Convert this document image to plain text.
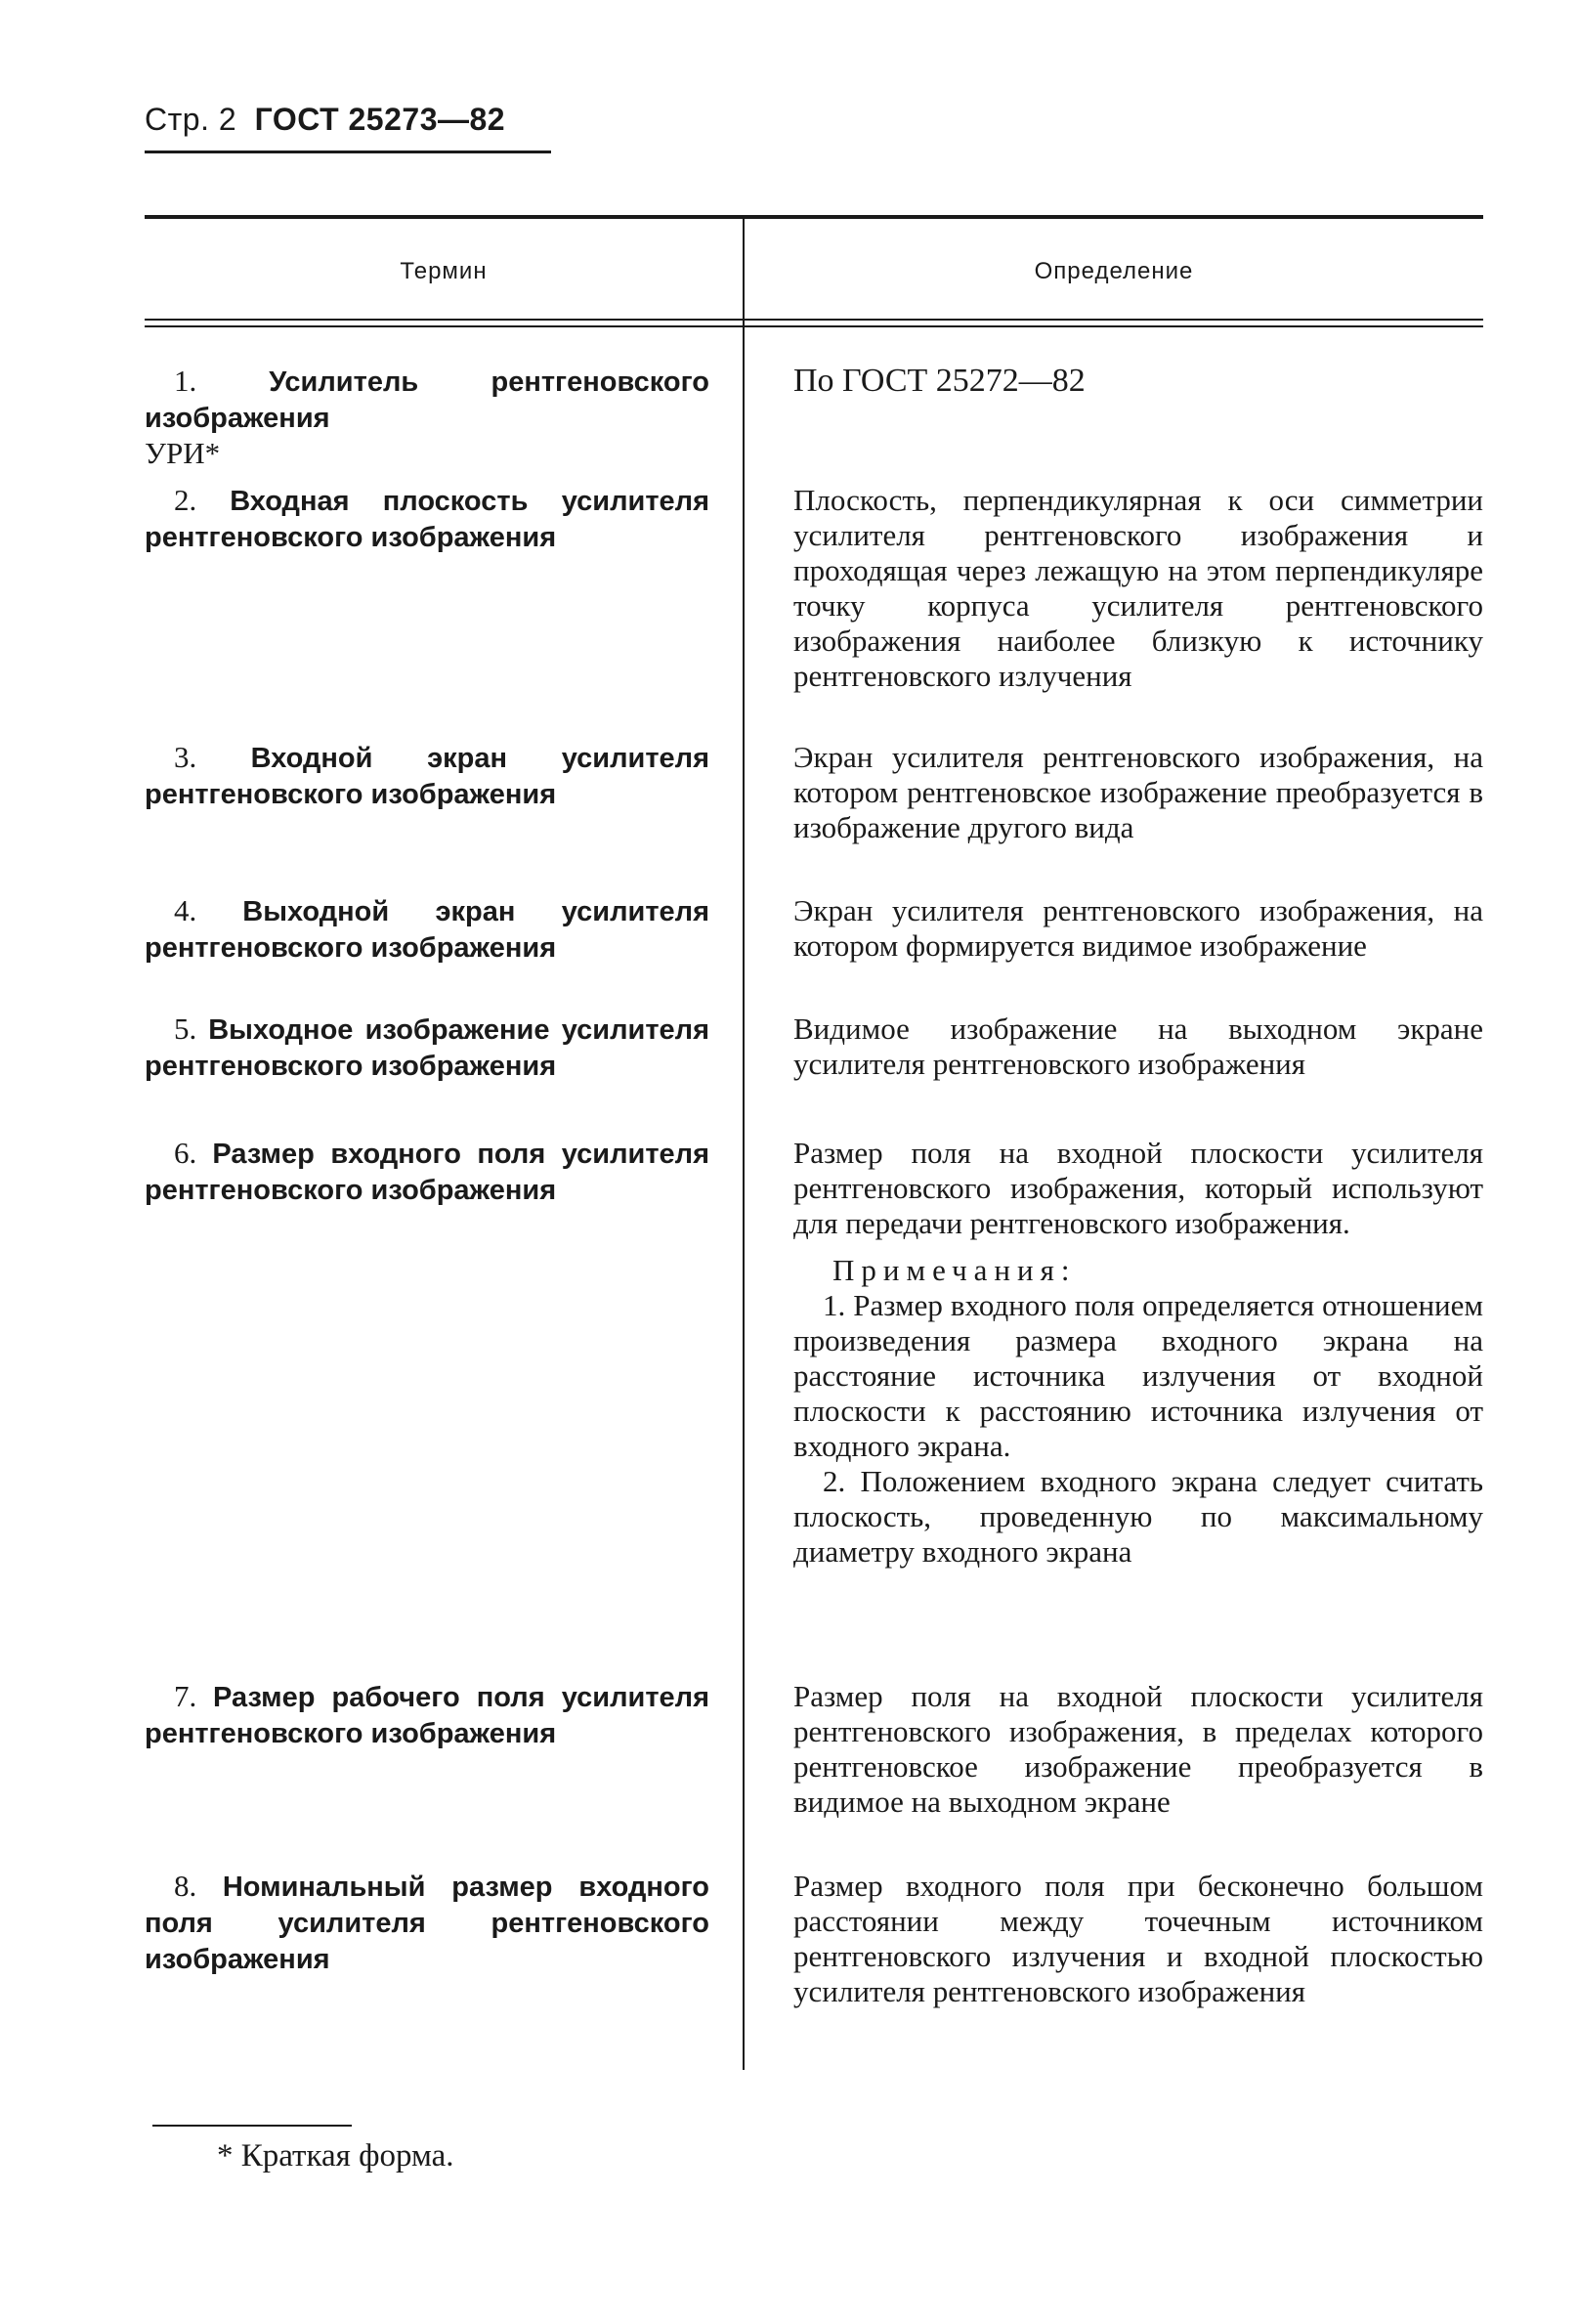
Стр. 2 ГОСТ 25273—82
Термин	Определение
1.	Усилитель рентгеновского изображения
УРИ*
По ГОСТ 25272—82
2. Входная плоскость усилителя рентгеновского изображения
Плоскость, перпендикулярная к оси симметрии усилителя рентгеновского изображения и проходящая через лежащую на этом перпендикуляре точку корпуса усилителя рентгеновского изображения наиболее близкую к источнику рентгеновского излучения
3. Входной экран усилителя рентгеновского изображения
Экран усилителя рентгеновского изображения, на котором рентгеновское изображение преобразуется в изображение другого вида
4. Выходной экран усилителя рентгеновского изображения
Экран усилителя рентгеновского изображения, на котором формируется видимое изображение
5. Выходное изображение усилителя рентгеновского изображения
Видимое изображение на выходном экране усилителя рентгеновского изображения
6. Размер входного поля усилителя рентгеновского изображения
Размер поля на входной плоскости усилителя рентгеновского изображения, который используют для передачи рентгеновского изображения.
Примечания:
1. Размер входного поля определяется отношением произведения размера входного экрана на расстояние источника излучения от входной плоскости к расстоянию источника излучения от входного экрана.
2. Положением входного экрана следует считать плоскость, проведенную по максимальному диаметру входного экрана
7. Размер рабочего поля усилителя рентгеновского изображения
Размер поля на входной плоскости усилителя рентгеновского изображения, в пределах которого рентгеновское изображение преобразуется в видимое на выходном экране
8. Номинальный размер входного поля усилителя рентгеновского изображения
Размер входного поля при бесконечно большом расстоянии между точечным источником рентгеновского излучения и входной плоскостью усилителя рентгеновского изображения
* Краткая форма.
